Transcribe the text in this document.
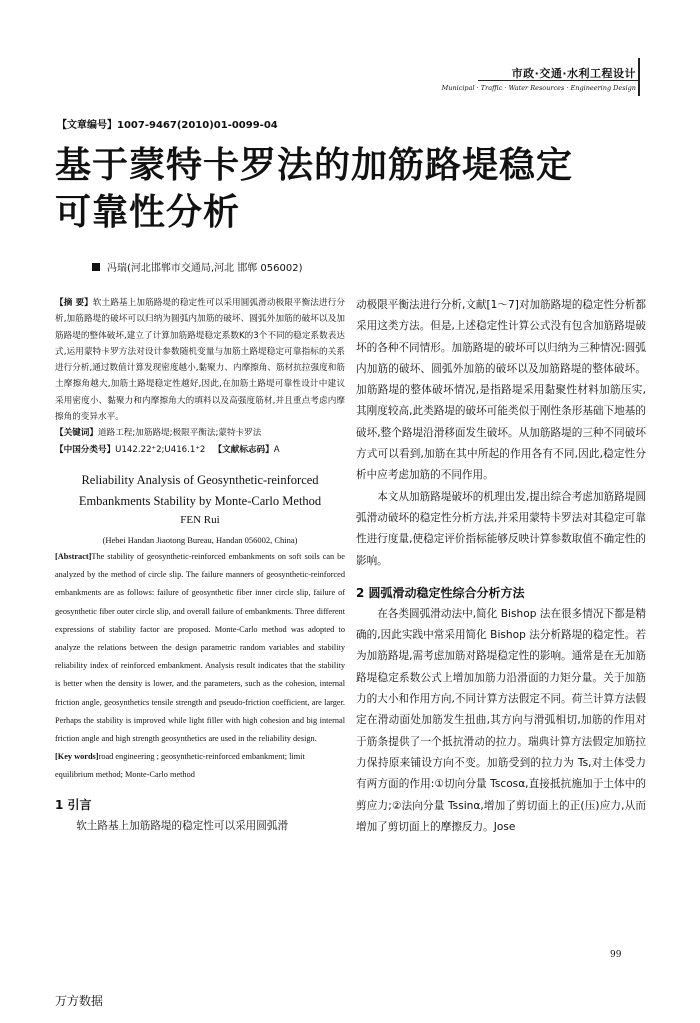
市政·交通·水利工程设计
Municipal · Traffic · Water Resources · Engineering Design
【文章编号】1007-9467(2010)01-0099-04
基于蒙特卡罗法的加筋路堤稳定
可靠性分析
冯瑞(河北邯郸市交通局,河北 邯郸 056002)

【摘 要】软土路基上加筋路堤的稳定性可以采用圆弧滑动极限平衡法进行分析,加筋路堤的破坏可以归纳为圆弧内加筋的破坏、圆弧外加筋的破坏以及加筋路堤的整体破坏,建立了计算加筋路堤稳定系数K的3个不同的稳定系数表达式,运用蒙特卡罗方法对设计参数随机变量与加筋土路堤稳定可靠指标的关系进行分析,通过数值计算发现密度越小,黏聚力、内摩擦角、筋材抗拉强度和筋土摩擦角越大,加筋土路堤稳定性越好,因此,在加筋土路堤可靠性设计中建议采用密度小、黏聚力和内摩擦角大的填料以及高强度筋材,并且重点考虑内摩擦角的变异水平。

【关键词】道路工程;加筋路堤;极限平衡法;蒙特卡罗法

【中国分类号】U142.22⁺2;U416.1⁺2 【文献标志码】A

Reliability Analysis of Geosynthetic-reinforced Embankments Stability by Monte-Carlo Method
FEN Rui
(Hebei Handan Jiaotong Bureau, Handan 056002, China)

[Abstract]The stability of geosynthetic-reinforced embankments on soft soils can be analyzed by the method of circle slip. The failure manners of geosynthetic-reinforced embankments are as follows: failure of geosynthetic fiber inner circle slip, failure of geosynthetic fiber outer circle slip, and overall failure of embankments. Three different expressions of stability factor are proposed. Monte-Carlo method was adopted to analyze the relations between the design parametric random variables and stability reliability index of reinforced embankment. Analysis result indicates that the stability is better when the density is lower, and the parameters, such as the cohesion, internal friction angle, geosynthetics tensile strength and pseudo-friction coefficient, are larger. Perhaps the stability is improved while light filler with high cohesion and big internal friction angle and high strength geosynthetics are used in the reliability design.

[Key words]road engineering ; geosynthetic-reinforced embankment; limit equilibrium method; Monte-Carlo method

1 引言

软土路基上加筋路堤的稳定性可以采用圆弧滑

动极限平衡法进行分析,文献[1～7]对加筋路堤的稳定性分析都采用这类方法。但是,上述稳定性计算公式没有包含加筋路堤破坏的各种不同情形。加筋路堤的破坏可以归纳为三种情况:圆弧内加筋的破坏、圆弧外加筋的破坏以及加筋路堤的整体破坏。加筋路堤的整体破坏情况,是指路堤采用黏聚性材料加筋压实,其刚度较高,此类路堤的破坏可能类似于刚性条形基础下地基的破坏,整个路堤沿滑移面发生破坏。从加筋路堤的三种不同破坏方式可以看到,加筋在其中所起的作用各有不同,因此,稳定性分析中应考虑加筋的不同作用。

本文从加筋路堤破坏的机理出发,提出综合考虑加筋路堤圆弧滑动破坏的稳定性分析方法,并采用蒙特卡罗法对其稳定可靠性进行度量,使稳定评价指标能够反映计算参数取值不确定性的影响。

2 圆弧滑动稳定性综合分析方法

在各类圆弧滑动法中,简化 Bishop 法在很多情况下都是精确的,因此实践中常采用简化 Bishop 法分析路堤的稳定性。若为加筋路堤,需考虑加筋对路堤稳定性的影响。通常是在无加筋路堤稳定系数公式上增加加筋力沿滑面的力矩分量。关于加筋力的大小和作用方向,不同计算方法假定不同。荷兰计算方法假定在滑动面处加筋发生扭曲,其方向与滑弧相切,加筋的作用对于筋条提供了一个抵抗滑动的拉力。瑞典计算方法假定加筋拉力保持原来铺设方向不变。加筋受到的拉力为 Ts,对土体受力有两方面的作用:①切向分量 Tscosα,直接抵抗施加于土体中的剪应力;②法向分量 Tssinα,增加了剪切面上的正(压)应力,从而增加了剪切面上的摩擦反力。Jose

99
万方数据
